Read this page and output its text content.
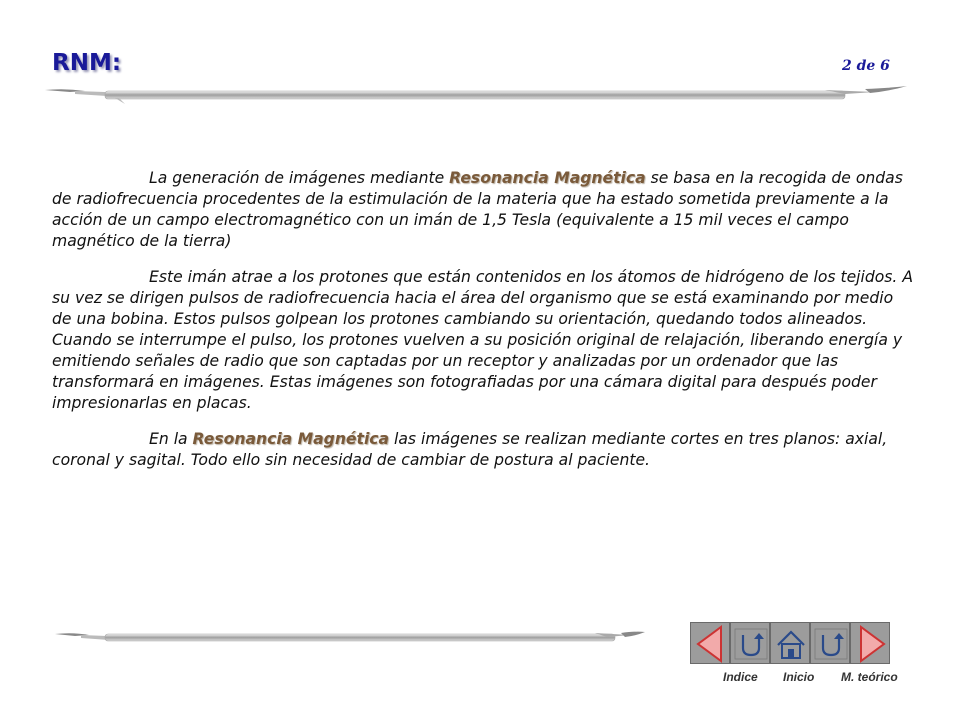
RNM:	2 de 6

La generación de imágenes mediante Resonancia Magnética se basa en la recogida de ondas de radiofrecuencia procedentes de la estimulación de la materia que ha estado sometida previamente a la acción de un campo electromagnético con un imán de 1,5 Tesla (equivalente a 15 mil veces el campo magnético de la tierra)

Este imán atrae a los protones que están contenidos en los átomos de hidrógeno de los tejidos. A su vez se dirigen pulsos de radiofrecuencia hacia el área del organismo que se está examinando por medio de una bobina. Estos pulsos golpean los protones cambiando su orientación, quedando todos alineados. Cuando se interrumpe el pulso, los protones vuelven a su posición original de relajación, liberando energía y emitiendo señales de radio que son captadas por un receptor y analizadas por un ordenador que las transformará en imágenes. Estas imágenes son fotografiadas por una cámara digital para después poder impresionarlas en placas.

En la Resonancia Magnética las imágenes se realizan mediante cortes en tres planos: axial, coronal y sagital. Todo ello sin necesidad de cambiar de postura al paciente.

Indice Inicio M. teórico
